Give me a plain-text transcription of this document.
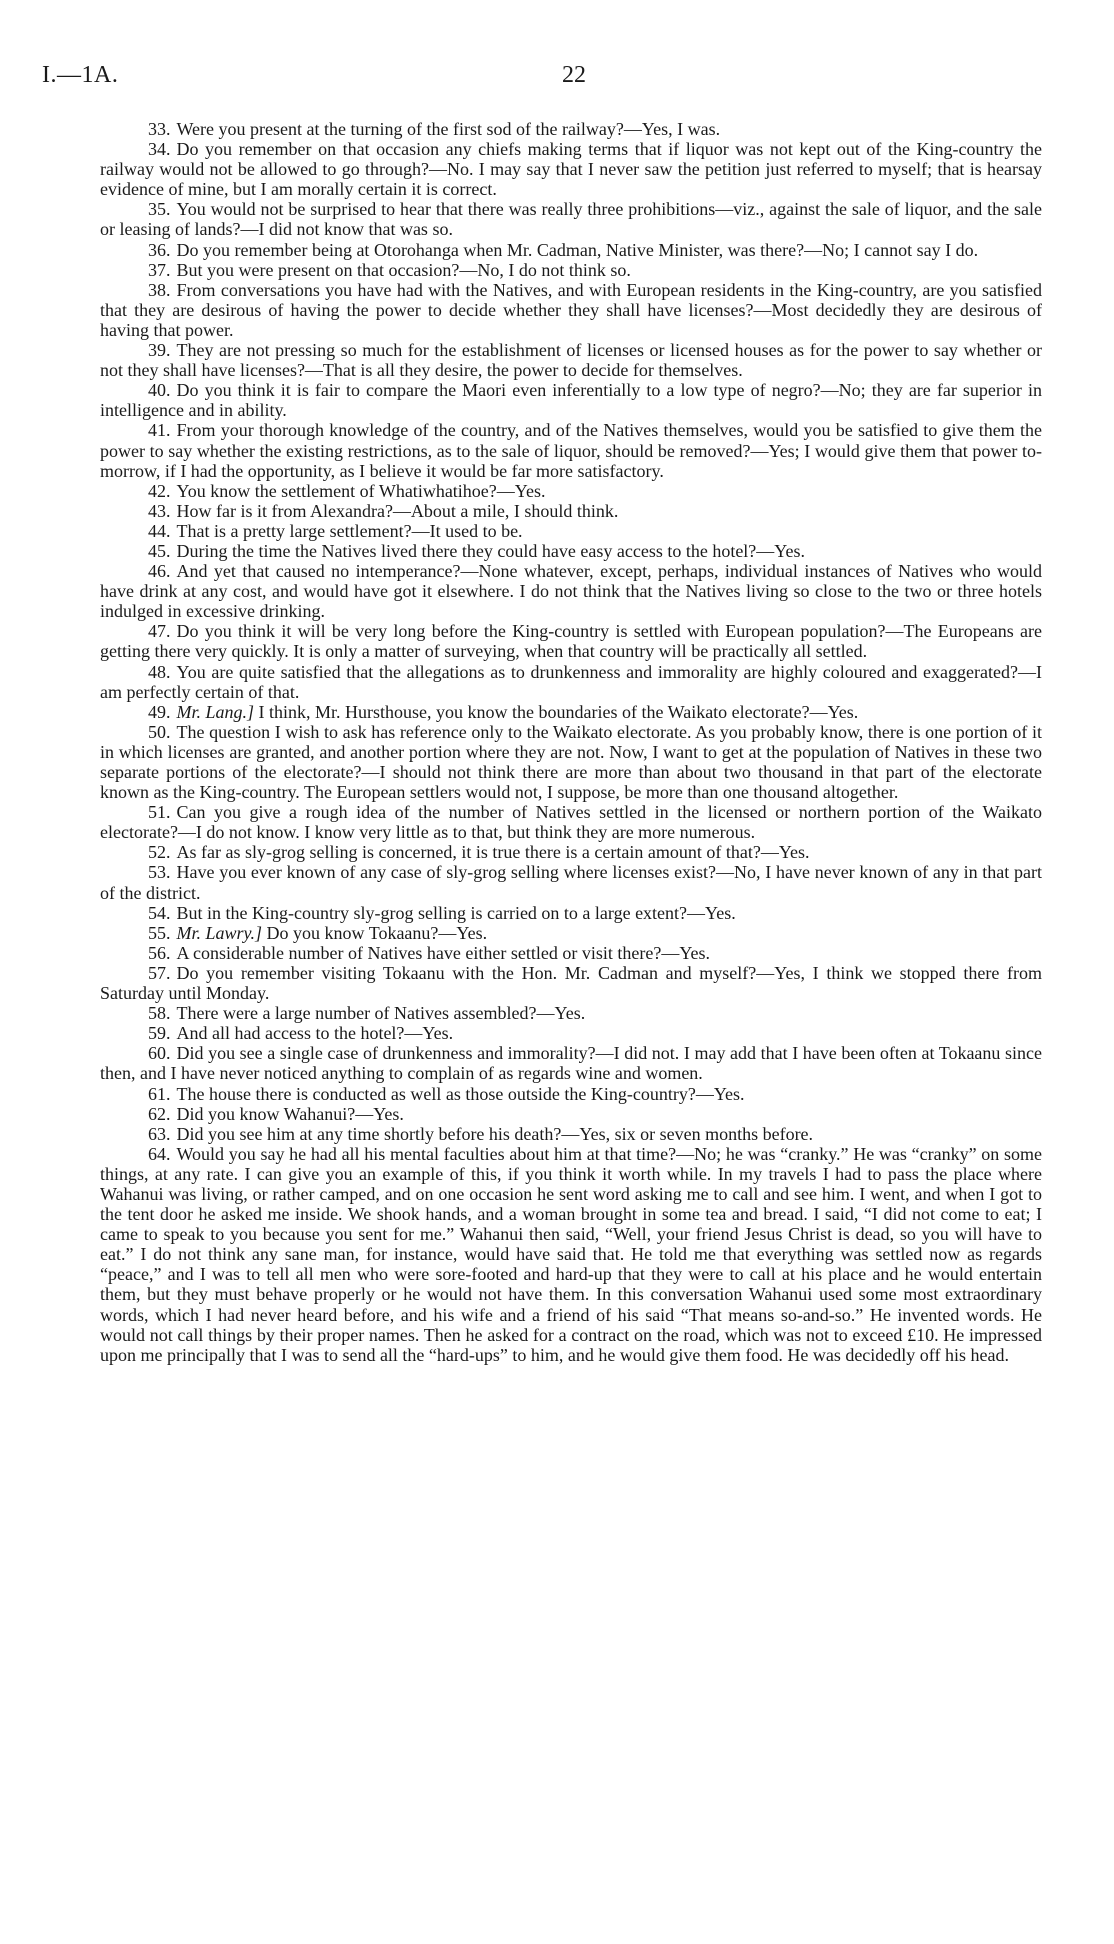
I.—1A.	22

33. Were you present at the turning of the first sod of the railway?—Yes, I was.

34. Do you remember on that occasion any chiefs making terms that if liquor was not kept out of the King-country the railway would not be allowed to go through?—No. I may say that I never saw the petition just referred to myself; that is hearsay evidence of mine, but I am morally certain it is correct.

35. You would not be surprised to hear that there was really three prohibitions—viz., against the sale of liquor, and the sale or leasing of lands?—I did not know that was so.

36. Do you remember being at Otorohanga when Mr. Cadman, Native Minister, was there?—No; I cannot say I do.

37. But you were present on that occasion?—No, I do not think so.

38. From conversations you have had with the Natives, and with European residents in the King-country, are you satisfied that they are desirous of having the power to decide whether they shall have licenses?—Most decidedly they are desirous of having that power.

39. They are not pressing so much for the establishment of licenses or licensed houses as for the power to say whether or not they shall have licenses?—That is all they desire, the power to decide for themselves.

40. Do you think it is fair to compare the Maori even inferentially to a low type of negro?—No; they are far superior in intelligence and in ability.

41. From your thorough knowledge of the country, and of the Natives themselves, would you be satisfied to give them the power to say whether the existing restrictions, as to the sale of liquor, should be removed?—Yes; I would give them that power to-morrow, if I had the opportunity, as I believe it would be far more satisfactory.

42. You know the settlement of Whatiwhatihoe?—Yes.

43. How far is it from Alexandra?—About a mile, I should think.

44. That is a pretty large settlement?—It used to be.

45. During the time the Natives lived there they could have easy access to the hotel?—Yes.

46. And yet that caused no intemperance?—None whatever, except, perhaps, individual instances of Natives who would have drink at any cost, and would have got it elsewhere. I do not think that the Natives living so close to the two or three hotels indulged in excessive drinking.

47. Do you think it will be very long before the King-country is settled with European population?—The Europeans are getting there very quickly. It is only a matter of surveying, when that country will be practically all settled.

48. You are quite satisfied that the allegations as to drunkenness and immorality are highly coloured and exaggerated?—I am perfectly certain of that.

49. Mr. Lang.] I think, Mr. Hursthouse, you know the boundaries of the Waikato electorate?—Yes.

50. The question I wish to ask has reference only to the Waikato electorate. As you probably know, there is one portion of it in which licenses are granted, and another portion where they are not. Now, I want to get at the population of Natives in these two separate portions of the electorate?—I should not think there are more than about two thousand in that part of the electorate known as the King-country. The European settlers would not, I suppose, be more than one thousand altogether.

51. Can you give a rough idea of the number of Natives settled in the licensed or northern portion of the Waikato electorate?—I do not know. I know very little as to that, but think they are more numerous.

52. As far as sly-grog selling is concerned, it is true there is a certain amount of that?—Yes.

53. Have you ever known of any case of sly-grog selling where licenses exist?—No, I have never known of any in that part of the district.

54. But in the King-country sly-grog selling is carried on to a large extent?—Yes.

55. Mr. Lawry.] Do you know Tokaanu?—Yes.

56. A considerable number of Natives have either settled or visit there?—Yes.

57. Do you remember visiting Tokaanu with the Hon. Mr. Cadman and myself?—Yes, I think we stopped there from Saturday until Monday.

58. There were a large number of Natives assembled?—Yes.

59. And all had access to the hotel?—Yes.

60. Did you see a single case of drunkenness and immorality?—I did not. I may add that I have been often at Tokaanu since then, and I have never noticed anything to complain of as regards wine and women.

61. The house there is conducted as well as those outside the King-country?—Yes.

62. Did you know Wahanui?—Yes.

63. Did you see him at any time shortly before his death?—Yes, six or seven months before.

64. Would you say he had all his mental faculties about him at that time?—No; he was “cranky.” He was “cranky” on some things, at any rate. I can give you an example of this, if you think it worth while. In my travels I had to pass the place where Wahanui was living, or rather camped, and on one occasion he sent word asking me to call and see him. I went, and when I got to the tent door he asked me inside. We shook hands, and a woman brought in some tea and bread. I said, “I did not come to eat; I came to speak to you because you sent for me.” Wahanui then said, “Well, your friend Jesus Christ is dead, so you will have to eat.” I do not think any sane man, for instance, would have said that. He told me that everything was settled now as regards “peace,” and I was to tell all men who were sore-footed and hard-up that they were to call at his place and he would entertain them, but they must behave properly or he would not have them. In this conversation Wahanui used some most extraordinary words, which I had never heard before, and his wife and a friend of his said “That means so-and-so.” He invented words. He would not call things by their proper names. Then he asked for a contract on the road, which was not to exceed £10. He impressed upon me principally that I was to send all the “hard-ups” to him, and he would give them food. He was decidedly off his head.
